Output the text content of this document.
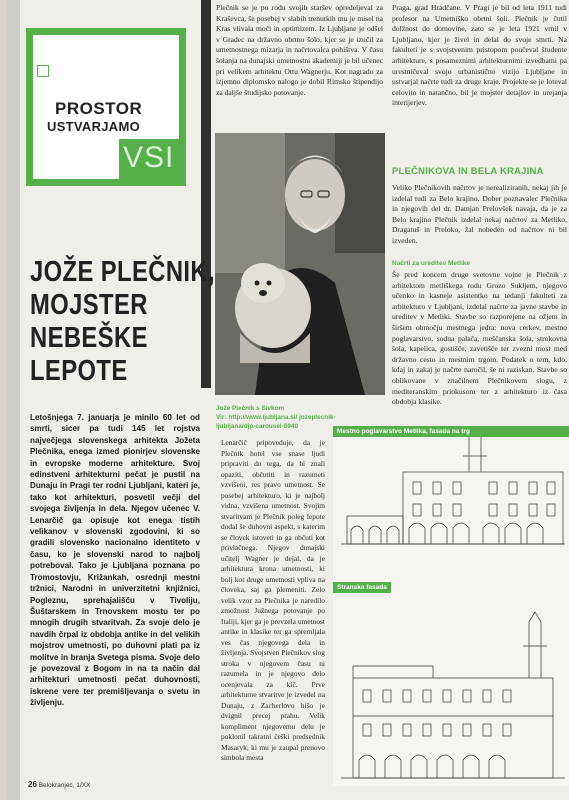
PROSTOR
USTVARJAMO
VSI
JOŽE PLEČNIK,
MOJSTER
NEBEŠKE
LEPOTE
Letošnjega 7. januarja je minilo 60 let od smrti, sicer pa tudi 145 let rojstva največjega slovenskega arhitekta Jožeta Plečnika, enega izmed pionirjev slovenske in evropske moderne arhitekture. Svoj edinstveni arhitekturni pečat je pustil na Dunaju in Pragi ter rodni Ljubljani, kateri je, tako kot arhitekturi, posvetil večji del svojega življenja in dela. Njegov učenec V. Lenarčič ga opisuje kot enega tistih velikanov v slovenski zgodovini, ki so gradili slovensko nacionalno identiteto v času, ko je slovenski narod to najbolj potreboval. Tako je Ljubljana poznana po Tromostovju, Križankah, osrednji mestni tržnici, Narodni in univerzitetni knjižnici, Pogleznu, sprehajališču v Tivoliju, Šuštarskem in Trnovskem mostu ter po mnogih drugih stvaritvah. Za svoje delo je navdih črpal iz obdobja antike in del velikih mojstrov umetnosti, po duhovni plati pa iz molitve in branja Svetega pisma. Svoje delo je povezoval z Bogom in na ta način dal arhitekturi umetnosti pečat duhovnosti, iskrene vere ter premišljevanja o svetu in življenju.
Plečnik se je po rodu svojih staršev opredeljeval za Kraševca, še posebej v slabih trenutkih mu je misel na Kras vlivala moči in optimizem. Iz Ljubljane je odšel v Gradec na državno obrtno šolo, kjer se je izučil za umetnostnega mizarja in načrtovalca pohištva. V času šolanja na dunajski umetnostni akademiji je bil učenec pri velikem arhitektu Ottu Wagnerju. Kot nagrado za izjemno diplomsko nalogo je dobil Rimsko štipendijo za daljše študijsko potovanje.
Praga, grad Hradčane. V Pragi je bil od leta 1911 tudi profesor na Umetniško obrtni šoli. Plečnik je čutil dolžnost do domovine, zato se je leta 1921 vrnil v Ljubljano, kjer je živel in delal do svoje smrti. Na fakulteti je s svojstvenim pristopom poučeval študente arhitekture, s posameznimi arhitekturnimi izvedbami pa urestničeval svojo urbanistično vizijo Ljubljane in ustvarjal načrte tudi za druge kraje. Projekte se je loteval celovito in natančno, bil je mojster detajlov in urejanja interijerjev.
PLEČNIKOVA IN BELA KRAJINA
Veliko Plečnikovih načrtov je nerealiziranih, nekaj jih je izdelal tudi za Belo krajino. Dober poznavalec Plečnika in njegovih del dr. Damjan Prelovšek navaja, da je za Belo krajino Plečnik izdelal nekaj načrtov za Metliko, Dragatuš in Preloko, žal nobeden od načrtov ni bil izveden.
Načrti za ureditev Metlike
Še pred koncem druge svetovne vojne je Plečnik z arhitektom metliškega rodu Grozo Sukljem, njegovo učenko in kasneje asistentko na tedanji fakulteti za arhitekturo v Ljubljani, izdelal načrte za javne stavbe in ureditev v Metliki. Stavbe so razporejene na ožjem in širšem območju mestnega jedra: nova cerkev, mestno poglavarstvo, sodna palača, meščanska šola, strokovna šola, kapelica, gostišče, zavetišče ter zvezni most med državno cesto in mestnim trgom. Podatek o tem, kdo, kdaj in zakaj je načrte naročil, še ni raziskan. Stavbe so oblikovane v značilnem Plečnikovem slogu, z mediteranskim priokusom ter z arhitekturo iz časa obdobja klasike.
Jože Plečnik s Sivkom
Vir: http://www.ljubljana.si/ jozeplecnik-ljubljana/djp-carousel-6940
Lenarčič pripoveduje, da je Plečnik hotel vse snase ljudi pripraviti do tega, da bi znali opaziti, občutiti in razumeti vzvišeni, res pravo umetnost. Se posebej arhitekturo, ki je najbolj vidna, vzvišena umetnost. Svojim stvaritvam je Plečnik poleg lepote dodal še duhovni aspekt, s katerim se človek istoveti in ga občuti kot privlačnega. Njegov dunajski učitelj Wagner je dejal, da je arhitektura krona umetnosti, ki bolj kot druge umetnosti vpliva na človeka, saj ga plemeniti. Zelo velik vzor za Plečnika je naredilo zmožnost Južnega potovanje po Italiji, kjer ga je prevzela umetnost antike in klasike ter ga spremljala ves čas njegovega dela in življenja. Svojstven Plečnikov slog stroka v njegovem času ni razumela in je njegovo delo ocenjevala za kič. Prve arhitekturne stvaritve je izvedel na Dunaju, z Zacherlovo hišo je dvignil precej prahu. Velik kompliment njegovemu delu je poklonil takratni češki predsednik Masaryk, ki mu je zaupal prenovo simbola mesta
Mestno poglavarstvo Metlika, fasada na trg
Stranska fasada
26 Belokranjec, 1/XX
